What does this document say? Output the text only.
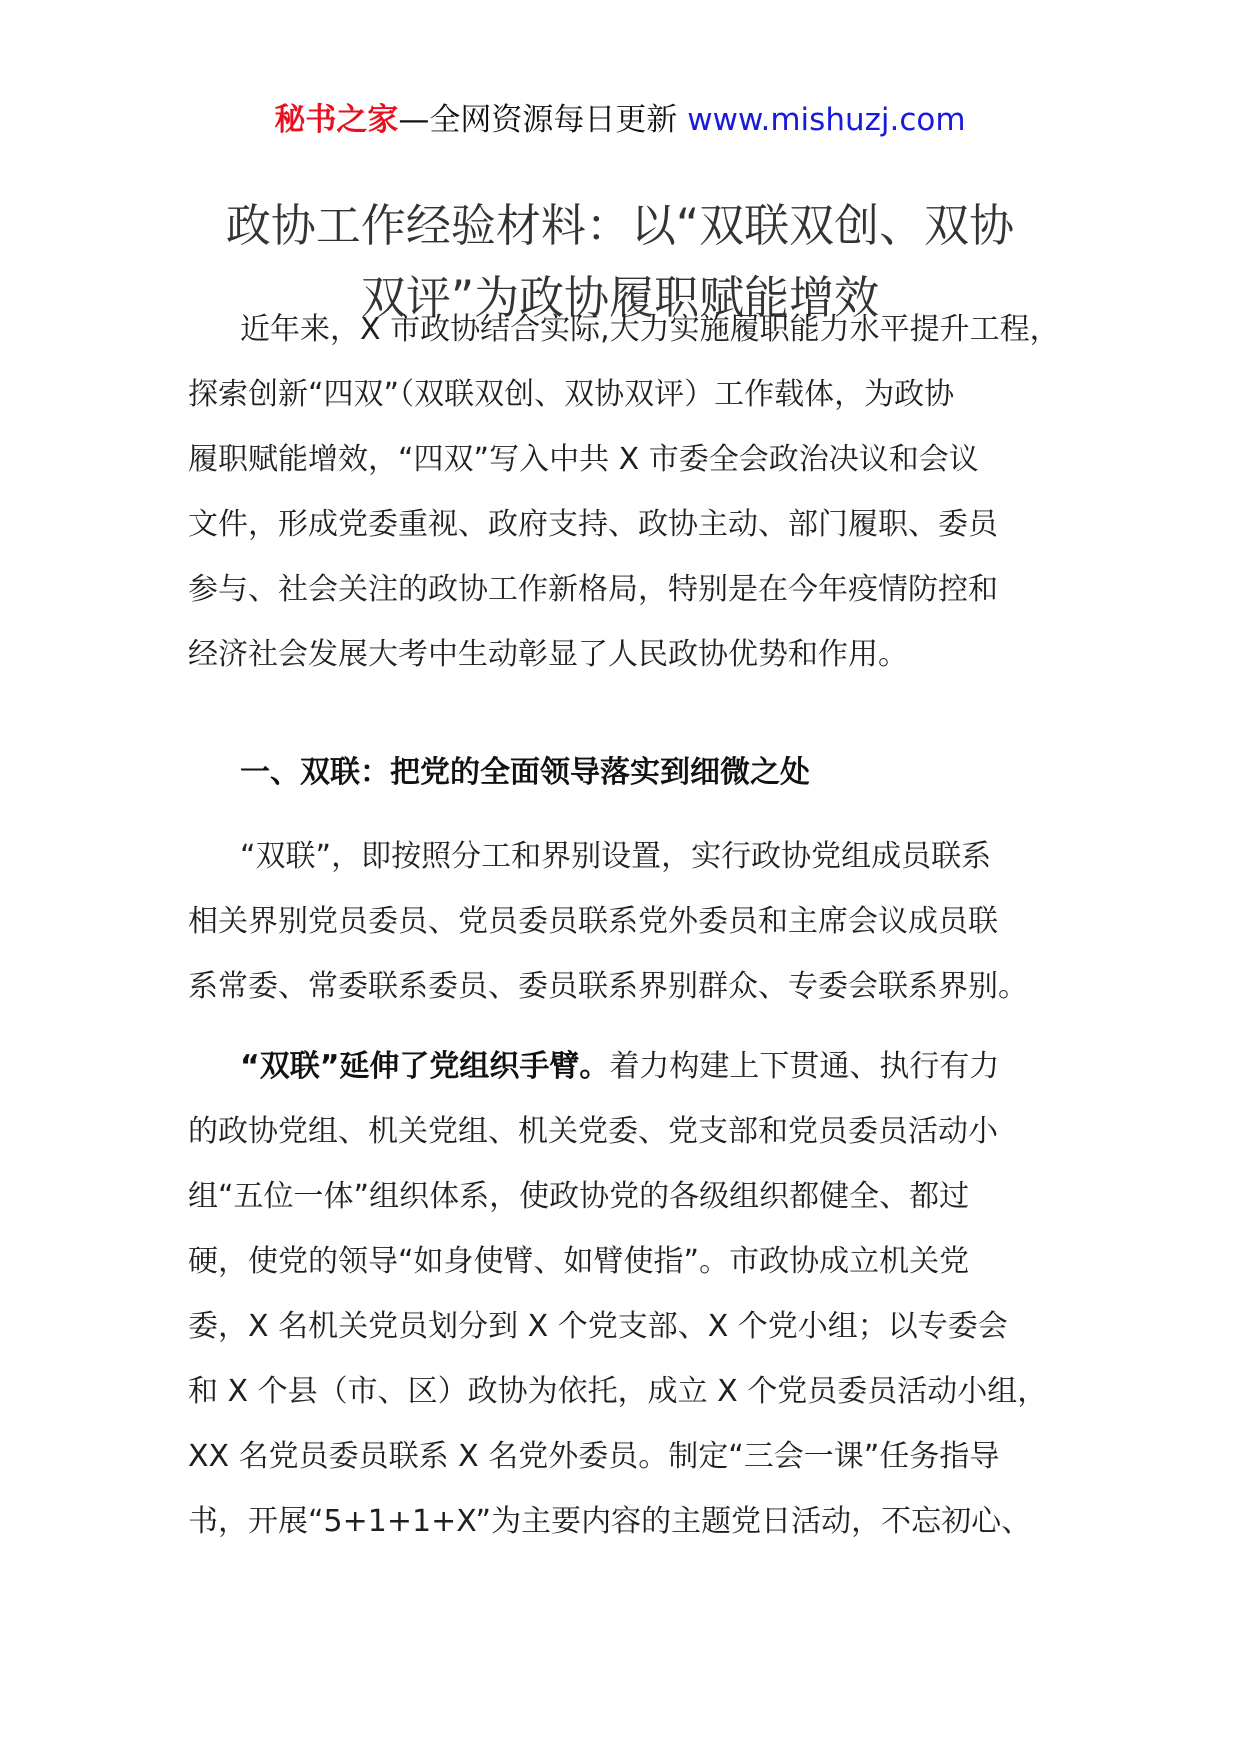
秘书之家—全网资源每日更新 www.mishuzj.com
政协工作经验材料：以“双联双创、双协
双评”为政协履职赋能增效
近年来，X 市政协结合实际,大力实施履职能力水平提升工程，
探索创新“四双”（双联双创、双协双评）工作载体，为政协
履职赋能增效，“四双”写入中共 X 市委全会政治决议和会议
文件，形成党委重视、政府支持、政协主动、部门履职、委员
参与、社会关注的政协工作新格局，特别是在今年疫情防控和
经济社会发展大考中生动彰显了人民政协优势和作用。
一、双联：把党的全面领导落实到细微之处
“双联”，即按照分工和界别设置，实行政协党组成员联系
相关界别党员委员、党员委员联系党外委员和主席会议成员联
系常委、常委联系委员、委员联系界别群众、专委会联系界别。
“双联”延伸了党组织手臂。着力构建上下贯通、执行有力
的政协党组、机关党组、机关党委、党支部和党员委员活动小
组“五位一体”组织体系，使政协党的各级组织都健全、都过
硬，使党的领导“如身使臂、如臂使指”。市政协成立机关党
委，X 名机关党员划分到 X 个党支部、X 个党小组；以专委会
和 X 个县（市、区）政协为依托，成立 X 个党员委员活动小组，
XX 名党员委员联系 X 名党外委员。制定“三会一课”任务指导
书，开展“5+1+1+X”为主要内容的主题党日活动，不忘初心、
